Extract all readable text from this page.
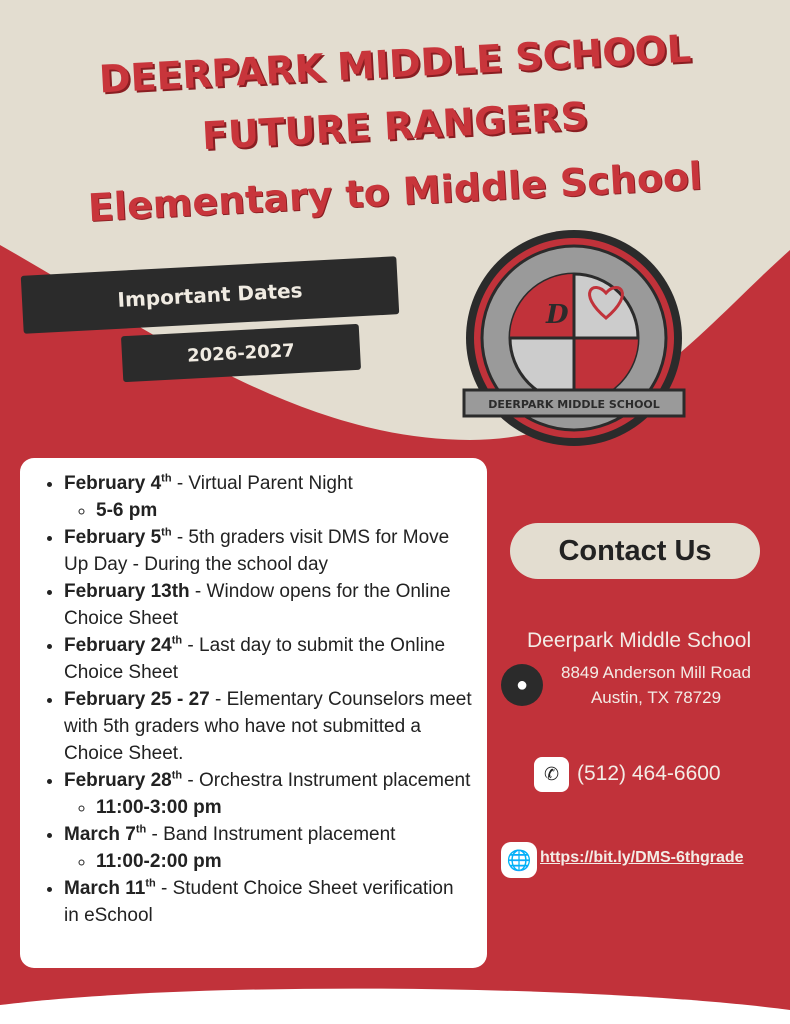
DEERPARK MIDDLE SCHOOL
FUTURE RANGERS
Elementary to Middle School
Important Dates
2026-2027
D
DEERPARK MIDDLE SCHOOL
• February 4th - Virtual Parent Night
◦ 5-6 pm
• February 5th - 5th graders visit DMS for Move Up Day - During the school day
• February 13th - Window opens for the Online Choice Sheet
• February 24th - Last day to submit the Online Choice Sheet
• February 25 - 27 - Elementary Counselors meet with 5th graders who have not submitted a Choice Sheet.
• February 28th - Orchestra Instrument placement
◦ 11:00-3:00 pm
• March 7th - Band Instrument placement
◦ 11:00-2:00 pm
• March 11th - Student Choice Sheet verification in eSchool
Contact Us
Deerpark Middle School
●
8849 Anderson Mill Road
Austin, TX 78729
✆ (512) 464-6600
🌐 https://bit.ly/DMS-6thgrade
